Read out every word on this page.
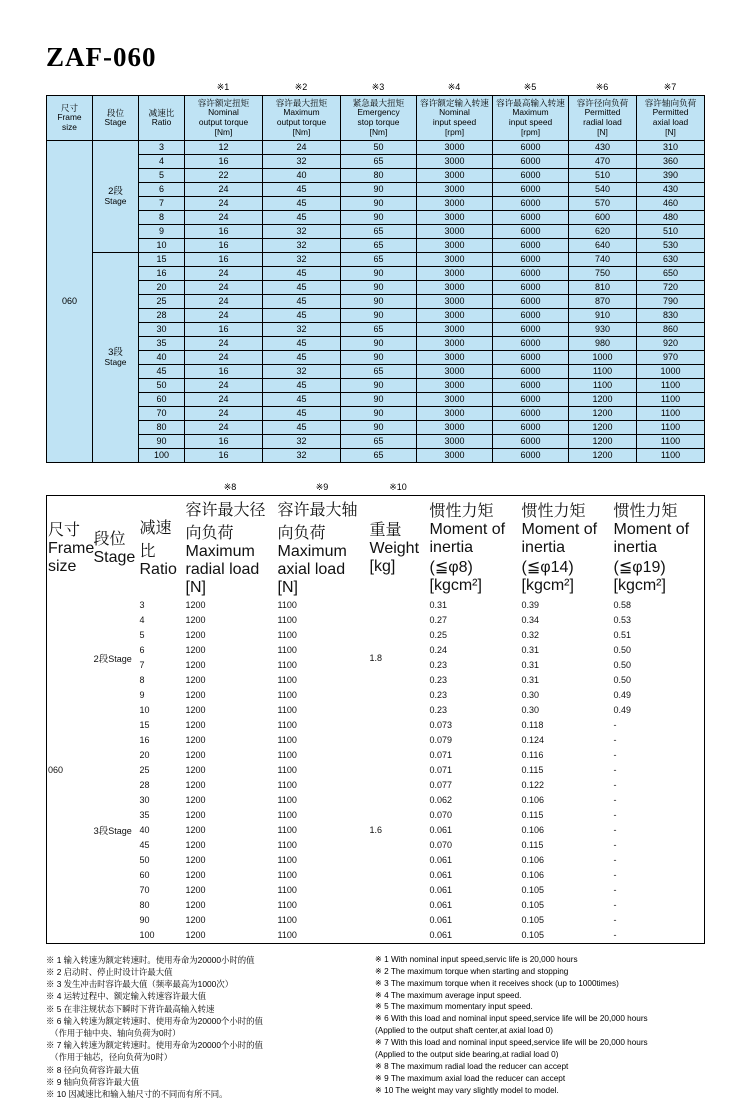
ZAF-060
※1	※2	※3	※4	※5	※6	※7
尺寸
Frame
size	段位
Stage	减速比
Ratio	容许额定扭矩
Nominal
output torque
[Nm]	容许最大扭矩
Maximum
output torque
[Nm]	紧急最大扭矩
Emergency
stop torque
[Nm]	容许额定输入转速
Nominal
input speed
[rpm]	容许最高输入转速
Maximum
input speed
[rpm]	容许径向负荷
Permitted
radial load
[N]	容许轴向负荷
Permitted
axial load
[N]

060	2段
Stage	3	12	24	50	3000	6000	430	310
		4	16	32	65	3000	6000	470	360
		5	22	40	80	3000	6000	510	390
		6	24	45	90	3000	6000	540	430
		7	24	45	90	3000	6000	570	460
		8	24	45	90	3000	6000	600	480
		9	16	32	65	3000	6000	620	510
		10	16	32	65	3000	6000	640	530

	3段
Stage	15	16	32	65	3000	6000	740	630
		16	24	45	90	3000	6000	750	650
		20	24	45	90	3000	6000	810	720
		25	24	45	90	3000	6000	870	790
		28	24	45	90	3000	6000	910	830
		30	16	32	65	3000	6000	930	860
		35	24	45	90	3000	6000	980	920
		40	24	45	90	3000	6000	1000	970
		45	16	32	65	3000	6000	1100	1000
		50	24	45	90	3000	6000	1100	1100
		60	24	45	90	3000	6000	1200	1100
		70	24	45	90	3000	6000	1200	1100
		80	24	45	90	3000	6000	1200	1100
		90	16	32	65	3000	6000	1200	1100
		100	16	32	65	3000	6000	1200	1100
※8	※9	※10
尺寸 Frame size	段位 Stage	减速比 Ratio	容许最大径向负荷 Maximum radial load [N]	容许最大轴向负荷 Maximum axial load [N]	重量 Weight [kg]	惯性力矩 Moment of inertia (≦φ8) [kgcm²]	惯性力矩 Moment of inertia (≦φ14) [kgcm²]	惯性力矩 Moment of inertia (≦φ19) [kgcm²]
060	2段Stage	3	1200	1100	1.8	0.31	0.39	0.58
		4	1200	1100		0.27	0.34	0.53
		5	1200	1100		0.25	0.32	0.51
		6	1200	1100		0.24	0.31	0.50
		7	1200	1100		0.23	0.31	0.50
		8	1200	1100		0.23	0.31	0.50
		9	1200	1100		0.23	0.30	0.49
		10	1200	1100		0.23	0.30	0.49
	3段Stage	15	1200	1100	1.6	0.073	0.118	-
		16	1200	1100		0.079	0.124	-
		20	1200	1100		0.071	0.116	-
		25	1200	1100		0.071	0.115	-
		28	1200	1100		0.077	0.122	-
		30	1200	1100		0.062	0.106	-
		35	1200	1100		0.070	0.115	-
		40	1200	1100		0.061	0.106	-
		45	1200	1100		0.070	0.115	-
		50	1200	1100		0.061	0.106	-
		60	1200	1100		0.061	0.106	-
		70	1200	1100		0.061	0.105	-
		80	1200	1100		0.061	0.105	-
		90	1200	1100		0.061	0.105	-
		100	1200	1100		0.061	0.105	-
※ 1 输入转速为额定转速时。使用寿命为20000小时的值
※ 2 启动时、停止时设计许最大值
※ 3 发生冲击时容许最大值（频率最高为1000次）
※ 4 运转过程中、额定输入转速容许最大值
※ 5 在非注规状态下瞬时下背许最高输入转速
※ 6 输入转速为额定转速时、使用寿命为20000个小时的值
　（作用于轴中央、轴向负荷为0时）
※ 7 输入转速为额定转速时。使用寿命为20000个小时的值
　（作用于轴芯，径向负荷为0时）
※ 8 径向负荷容许最大值
※ 9 轴向负荷容许最大值
※ 10 因减速比和输入轴尺寸的不同而有所不同。
※ 1 With nominal input speed,servic life is 20,000 hours
※ 2 The maximum torque when starting and stopping
※ 3 The maximum torque when it receives shock (up to 1000times)
※ 4 The maximum average input speed.
※ 5 The maximum momentary input speed.
※ 6 With this load and nominal input speed,service life will be 20,000 hours
(Applied to the output shaft center,at axial load 0)
※ 7 With this load and nominal input speed,service life will be 20,000 hours
(Applied to the output side bearing,at radial load 0)
※ 8 The maximum radial load the reducer can accept
※ 9 The maximum axial load the reducer can accept
※ 10 The weight may vary slightly model to model.
